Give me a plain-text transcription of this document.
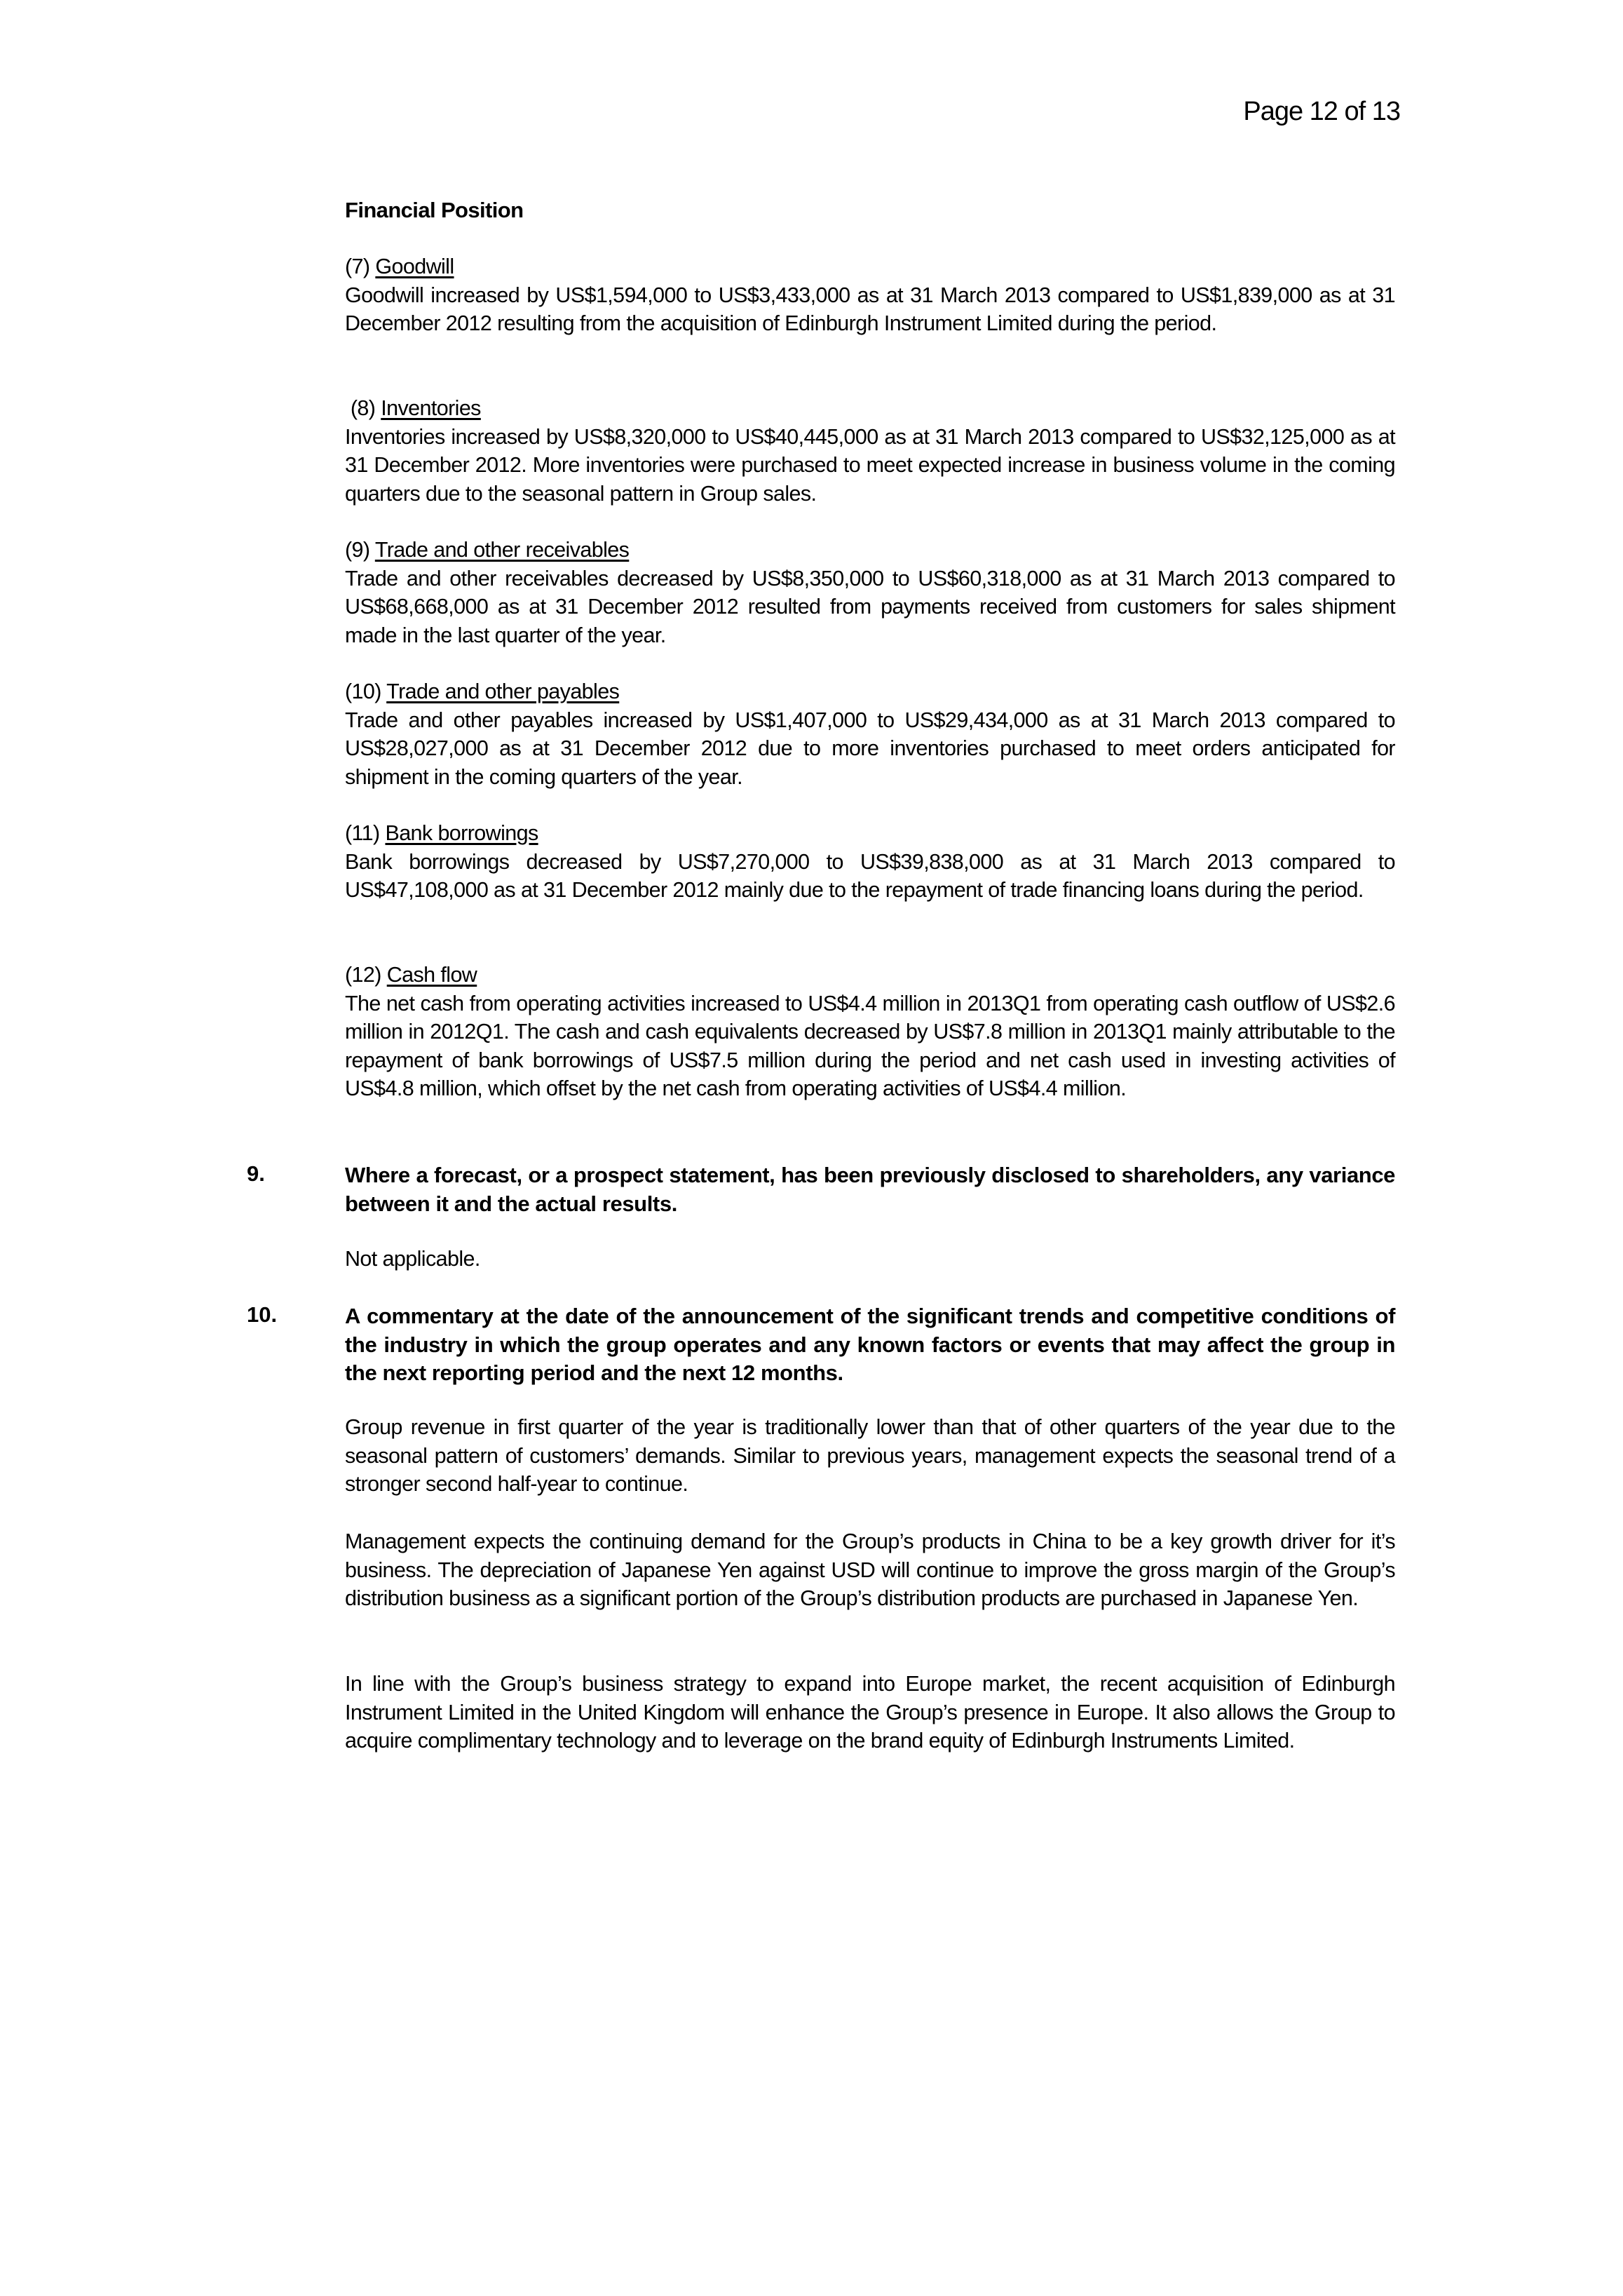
Page 12 of 13
Financial Position

(7) Goodwill

Goodwill increased by US$1,594,000 to US$3,433,000 as at 31 March 2013 compared to US$1,839,000 as at 31 December 2012 resulting from the acquisition of Edinburgh Instrument Limited during the period.

(8) Inventories

Inventories increased by US$8,320,000 to US$40,445,000 as at 31 March 2013 compared to US$32,125,000 as at 31 December 2012. More inventories were purchased to meet expected increase in business volume in the coming quarters due to the seasonal pattern in Group sales.

(9) Trade and other receivables

Trade and other receivables decreased by US$8,350,000 to US$60,318,000 as at 31 March 2013 compared to US$68,668,000 as at 31 December 2012 resulted from payments received from customers for sales shipment made in the last quarter of the year.

(10) Trade and other payables

Trade and other payables increased by US$1,407,000 to US$29,434,000 as at 31 March 2013 compared to US$28,027,000 as at 31 December 2012 due to more inventories purchased to meet orders anticipated for shipment in the coming quarters of the year.

(11) Bank borrowings

Bank borrowings decreased by US$7,270,000 to US$39,838,000 as at 31 March 2013 compared to US$47,108,000 as at 31 December 2012 mainly due to the repayment of trade financing loans during the period.

(12) Cash flow

The net cash from operating activities increased to US$4.4 million in 2013Q1 from operating cash outflow of US$2.6 million in 2012Q1. The cash and cash equivalents decreased by US$7.8 million in 2013Q1 mainly attributable to the repayment of bank borrowings of US$7.5 million during the period and net cash used in investing activities of US$4.8 million, which offset by the net cash from operating activities of US$4.4 million.

9.	Where a forecast, or a prospect statement, has been previously disclosed to shareholders, any variance between it and the actual results.
Not applicable.
10.	A commentary at the date of the announcement of the significant trends and competitive conditions of the industry in which the group operates and any known factors or events that may affect the group in the next reporting period and the next 12 months.
Group revenue in first quarter of the year is traditionally lower than that of other quarters of the year due to the seasonal pattern of customers’ demands. Similar to previous years, management expects the seasonal trend of a stronger second half-year to continue.
Management expects the continuing demand for the Group’s products in China to be a key growth driver for it’s business. The depreciation of Japanese Yen against USD will continue to improve the gross margin of the Group’s distribution business as a significant portion of the Group’s distribution products are purchased in Japanese Yen.
In line with the Group’s business strategy to expand into Europe market, the recent acquisition of Edinburgh Instrument Limited in the United Kingdom will enhance the Group’s presence in Europe. It also allows the Group to acquire complimentary technology and to leverage on the brand equity of Edinburgh Instruments Limited.
